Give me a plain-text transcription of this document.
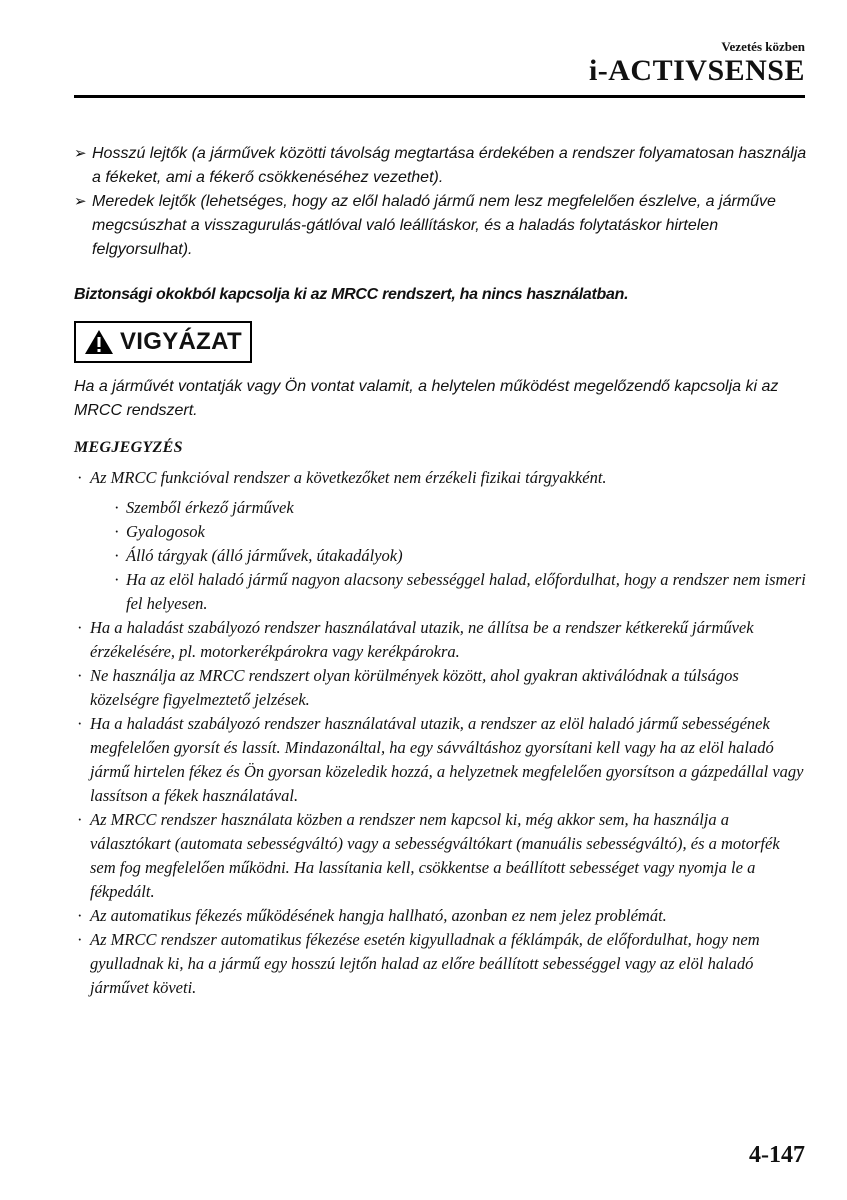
Vezetés közben
i-ACTIVSENSE
➢ Hosszú lejtők (a járművek közötti távolság megtartása érdekében a rendszer folyamatosan használja a fékeket, ami a fékerő csökkenéséhez vezethet).
➢ Meredek lejtők (lehetséges, hogy az elől haladó jármű nem lesz megfelelően észlelve, a járműve megcsúszhat a visszagurulás-gátlóval való leállításkor, és a haladás folytatáskor hirtelen felgyorsulhat).
Biztonsági okokból kapcsolja ki az MRCC rendszert, ha nincs használatban.
VIGYÁZAT
Ha a járművét vontatják vagy Ön vontat valamit, a helytelen működést megelőzendő kapcsolja ki az MRCC rendszert.
MEGJEGYZÉS
· Az MRCC funkcióval rendszer a következőket nem érzékeli fizikai tárgyakként.
· Szemből érkező járművek
· Gyalogosok
· Álló tárgyak (álló járművek, útakadályok)
· Ha az elöl haladó jármű nagyon alacsony sebességgel halad, előfordulhat, hogy a rendszer nem ismeri fel helyesen.
· Ha a haladást szabályozó rendszer használatával utazik, ne állítsa be a rendszer kétkerekű járművek érzékelésére, pl. motorkerékpárokra vagy kerékpárokra.
· Ne használja az MRCC rendszert olyan körülmények között, ahol gyakran aktiválódnak a túlságos közelségre figyelmeztető jelzések.
· Ha a haladást szabályozó rendszer használatával utazik, a rendszer az elöl haladó jármű sebességének megfelelően gyorsít és lassít. Mindazonáltal, ha egy sávváltáshoz gyorsítani kell vagy ha az elöl haladó jármű hirtelen fékez és Ön gyorsan közeledik hozzá, a helyzetnek megfelelően gyorsítson a gázpedállal vagy lassítson a fékek használatával.
· Az MRCC rendszer használata közben a rendszer nem kapcsol ki, még akkor sem, ha használja a választókart (automata sebességváltó) vagy a sebességváltókart (manuális sebességváltó), és a motorfék sem fog megfelelően működni. Ha lassítania kell, csökkentse a beállított sebességet vagy nyomja le a fékpedált.
· Az automatikus fékezés működésének hangja hallható, azonban ez nem jelez problémát.
· Az MRCC rendszer automatikus fékezése esetén kigyulladnak a féklámpák, de előfordulhat, hogy nem gyulladnak ki, ha a jármű egy hosszú lejtőn halad az előre beállított sebességgel vagy az elöl haladó járművet követi.
4-147
